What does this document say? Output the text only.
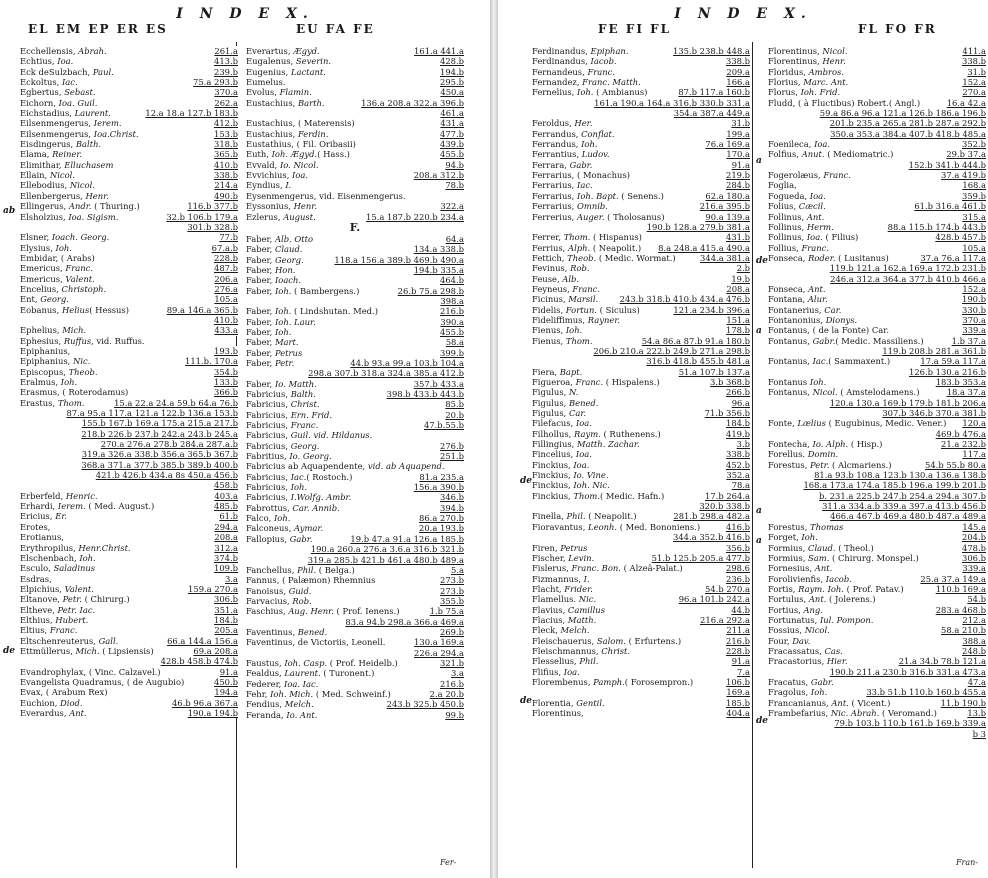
I N D E X.
EL EM EP ER ES	EU FA FE
Ecchellensis, Abrah.	261.a
Echtius, Ioa.	413.b
Eck deSulzbach, Paul.	239.b
Eckoltus, Iac.	75.a 293.b
Egbertus, Sebast.	370.a
Eichorn, Ioa. Guil.	262.a
Eichstadius, Laurent.	12.a 18.a 127.b 183.b
Eilsenmengerus, Ierem.	412.b
Eilsenmengerus, Ioa.Christ.	153.b
Eisdingerus, Balth.	318.b
Elama, Reiner.	365.b
Elimithar, Elluchasem	410.b
Ellain, Nicol.	338.b
Ellebodius, Nicol.	214.a
Ellenbergerus, Henr.	490.b
Ellingerus, Andr. ( Thuring.)	116.b 377.b
Elsholzius, Ioa. Sigism.	32.b 106.b 179.a
301.b 328.b
Elsner, Ioach. Georg.	77.b
Elysius, Ioh.	67.a.b
Embidar, ( Arabs)	228.b
Emericus, Franc.	487.b
Emericus, Valent.	206.a
Encelius, Christoph.	276.a
Ent, Georg.	105.a
Eobanus, Helius( Hessus)	89.a 146.a 365.b
410.b
Ephelius, Mich.	433.a
Ephesius, Ruffus, vid. Ruffus.
Epiphanius,	193.b
Epiphanius, Nic.	111.b. 170.a
Episcopus, Theob.	354.b
Eralmus, Ioh.	133.b
Erasmus, ( Roterodamus)	366.b
Erastus, Thom.	15.a 22.a 24.a 59.b 64.a 76.b
87.a 95.a 117.a 121.a 122.b 136.a 153.b
155.b 167.b 169.a 175.a 215.a 217.b
218.b 226.b 237.b 242.a 243.b 245.a
270.a 276.a 278.b 284.a 287.a.b
319.a 326.a 338.b 356.a 365.b 367.b
368.a 371.a 377.b 385.b 389.b 400.b
421.b 426.b 434.a 8s 450.a 456.b
458.b
Erberfeld, Henric.	403.a
Erhardi, Ierem. ( Med. August.)	485.b
Ericius, Er.	61.b
Erotes,	294.a
Erotianus,	208.a
Erythropilus, Henr.Christ.	312.a
Elschenbach, Ioh.	374.b
Esculo, Saladinus	109.b
Esdras,	3.a
Elpichius, Valent.	159.a 270.a
Eltanove, Petr. ( Chirurg.)	306.b
Eltheve, Petr. Iac.	351.a
Elthius, Hubert.	184.b
Eltius, Franc.	205.a
Eltschenreuterus, Gall.	66.a 144.a 156.a
Ettmüllerus, Mich. ( Lipsiensis)	69.a 208.a
428.b 458.b 474.b
Evandrophylax, ( Vinc. Calzavel.)	91.a
Evangelista Quadramus, ( de Augubio)	450.b
Evax, ( Arabum Rex)	194.a
Euchion, Diod.	46.b 96.a 367.a
Everardus, Ant.	190.a 194.b
Everartus, Ægyd.	161.a 441.a
Eugalenus, Severin.	428.b
Eugenius, Lactant.	194.b
Eumelus.	295.b
Evolus, Flamin.	450.a
Eustachius, Barth.	136.a 208.a 322.a 396.b
461.a
Eustachius, ( Materensis)	431.a
Eustachius, Ferdin.	477.b
Eustathius, ( Fil. Oribasii)	439.b
Euth, Ioh. Ægyd.( Hass.)	455.b
Evvald, Io. Nicol.	94.b
Evvichius, Ioa.	208.a 312.b
Eyndius, I.	78.b
Eysenmengerus, vid. Eisenmengerus.
Eyssonius, Henr.	322.a
Ezlerus, August.	15.a 187.b 220.b 234.a
F.
Faber, Alb. Otto	64.a
Faber, Claud.	134.a 338.b
Faber, Georg.	118.a 156.a 389.b 469.b 490.a
Faber, Hon.	194.b 335.a
Faber, Ioach.	464.b
Faber, Ioh. ( Bambergens.)	26.b 75.a 298.b
398.a
Faber, Ioh. ( Lindshutan. Med.)	216.b
Faber, Ioh. Laur.	390.a
Faber, Ioh.	455.b
Faber, Mart.	58.a
Faber, Petrus	399.b
Faber, Petr.	44.b 93.a 99.a 103.b 104.a
298.a 307.b 318.a 324.a 385.a 412.b
Faber, Io. Matth.	357.b 433.a
Fabricius, Balth.	398.b 433.b 443.b
Fabricius, Christ.	85.b
Fabricius, Ern. Frid.	20.b
Fabricius, Franc.	47.b.55.b
Fabricius, Guil. vid. Hildanus.
Fabricius, Georg.	276.b
Fabritius, Io. Georg.	251.b
Fabricius ab Aquapendente, vid. ab Aquapend.
Fabricius, Iac.( Rostoch.)	81.a 235.a
Fabricius, Ioh.	156.a 390.b
Fabricius, I.Wolfg. Ambr.	346.b
Fabrottus, Car. Annib.	394.b
Falco, Ioh.	86.a 270.b
Falconeus, Aymar.	20.a 193.b
Fallopius, Gabr.	19.b 47.a 91.a 126.a 185.b
190.a 260.a 276.a 3.6.a 316.b 321.b
319.a 285.b 421.b 461.a 480.b 489.a
Fanchellus, Phil. ( Belga.)	5.a
Fannus, ( Palæmon) Rhemnius	273.b
Fanoisus, Guid.	273.b
Farvacius, Rob.	355.b
Faschius, Aug. Henr. ( Prof. Ienens.)	1.b 75.a
83.a 94.b 298.a 366.a 469.a
Faventinus, Bened.	269.b
Faventinus, de Victoriis, Leonell.	130.a 169.a
226.a 294.a
Faustus, Ioh. Casp. ( Prof. Heidelb.)	321.b
Fealdus, Laurent. ( Turonent.)	3.a
Federer, Ioa. Iac.	216.b
Fehr, Ioh. Mich. ( Med. Schweinf.)	2.a 20.b
Fendius, Melch.	243.b 325.b 450.b
Feranda, Io. Ant.	99.b
Fer-
ab
de
I N D E X.
FE FI FL	FL FO FR
Ferdinandus, Epiphan.	135.b 238.b 448.a
Ferdinandus, Iacob.	338.b
Fernandeus, Franc.	209.a
Fernandez, Franc. Matth.	166.a
Fernelius, Ioh. ( Ambianus)	87.b 117.a 160.b
161.a 190.a 164.a 316.b 330.b 331.a
354.a 387.a 449.a
Feroldus, Her.	31.b
Ferrandus, Conflat.	199.a
Ferrandus, Ioh.	76.a 169.a
Ferrantius, Ludov.	170.a
Ferrara, Gabr.	91.a
Ferrarius, ( Monachus)	219.b
Ferrarius, Iac.	284.b
Ferrarius, Ioh. Bapt. ( Senens.)	62.a 180.a
Ferrarius, Omnib.	216.a 395.b
Ferrerius, Auger. ( Tholosanus)	90.a 139.a
190.b 128.a 279.b 381.a
Ferrer, Thom. ( Hispanus)	431.b
Ferrius, Alph. ( Neapolit.) 8.a 248.a 415.a 490.a
Fettich, Theob. ( Medic. Wormat.)	344.a 381.a
Fevinus, Rob.	2.b
Feuse, Alb.	19.b
Feyneus, Franc.	208.a
Ficinus, Marsil.	243.b 318.b 410.b 434.a 476.b
Fidelis, Fortun. ( Siculus)	121.a 234.b 396.a
Fideliffimus, Rayner.	151.a
Fienus, Ioh.	178.b
Fienus, Thom.	54.a 86.a 87.b 91.a 180.b
206.b 210.a 222.b 249.b 271.a 298.b
316.b 418.b 455.b 481.a
Fiera, Bapt.	51.a 107.b 137.a
Figueroa, Franc. ( Hispalens.)	3.b 368.b
Figulus, N.	266.b
Figulus, Bened.	96.a
Figulus, Car.	71.b 356.b
Filefacus, Ioa.	184.b
Filhollus, Raym. ( Ruthenens.)	419.b
Fillingius, Matth. Zachar.	3.b
Fincelius, Ioa.	338.b
Finckius, Ioa.	452.b
Finckius, Io. Vine.	352.a
Finckius, Ioh. Nic.	78.a
Finckius, Thom.( Medic. Hafn.)	17.b 264.a
320.b 338.b
Finella, Phil. ( Neapolit.)	281.b 298.a 482.a
Fioravantus, Leonh. ( Med. Bononiens.)	416.b
344.a 352.b 416.b
Firen, Petrus	356.b
Fischer, Levin.	51.b 125.b 205.a 477.b
Fislerus, Franc. Bon. ( Alzeâ-Palat.)	298.6
Fizmannus, I.	236.b
Flacht, Frider.	54.b 270.a
Flamellus. Nic.	96.a 101.b 242.a
Flavius, Camillus	44.b
Flacius, Matth.	216.a 292.a
Fleck, Melch.	211.a
Fleischauerus, Salom. ( Erfurtens.)	216.b
Fleischmannus, Christ.	228.b
Flesselius, Phil.	91.a
Flifius, Ioa.	7.a
Florembenus, Pamph.( Forosempron.)	106.b
169.a
Florentia, Gentil.	185.b
Florentinus,	404.a
Florentinus, Nicol.	411.a
Florentinus, Henr.	338.b
Floridus, Ambros.	31.b
Florius, Marc. Ant.	152.a
Florus, Ioh. Frid.	270.a
Fludd, ( à Fluctibus) Robert.( Angl.)	16.a 42.a
59.a 86.a 96.a 121.a 126.b 186.a 196.b
201.b 235.a 265.a 281.b 287.a 292.b
350.a 353.a 384.a 407.b 418.b 485.a
Foenileca, Ioa.	352.b
Folfius, Anut. ( Mediomatric.)	29.b 37.a
152.b 341.b 444.b
Fogerolæus, Franc.	37.a 419.b
Foglia,	168.a
Fogueda, Ioa.	359.b
Folius, Cæcil.	61.b 316.a 461.b
Follinus, Ant.	315.a
Follinus, Herm.	88.a 115.b 174.b 443.b
Follinus, Ioa. ( Filius)	428.b 457.b
Follius, Franc.	105.a
Fonseca, Roder. ( Lusitanus)	37.a 76.a 117.a
119.b 121.a 162.a 169.a 172.b 231.b
246.a 312.a 364.a 377.b 410.b 466.a
Fonseca, Ant.	152.a
Fontana, Alur.	190.b
Fontanerius, Car.	330.b
Fontanonius, Dionys.	370.a
Fontanus, ( de la Fonte) Car.	339.a
Fontanus, Gabr.( Medic. Massiliens.)	1.b 37.a
119.b 208.b 281.a 361.b
Fontanus, Iac.( Sammaxent.)	17.a 59.a 117.a
126.b 130.a 216.b
Fontanus Ioh.	183.b 353.a
Fontanus, Nicol. ( Amstelodamens.)	18.a 37.a
120.a 130.a 169.b 179.b 181.b 206.a
307.b 346.b 370.a 381.b
Fonte, Lælius ( Eugubinus, Medic. Vener.) 120.a
469.b 476.a
Fontecha, Io. Alph. ( Hisp.)	21.a 232.b
Forellus. Domin.	117.a
Forestus, Petr. ( Alcmariens.)	54.b 55.b 80.a
81.a 93.b 108.a 123.b 130.a 136.a 138.b
168.a 173.a 174.a 185.b 196.a 199.b 201.b
b. 231.a 225.b 247.b 254.a 294.a 307.b
311.a 334.a.b 339.a 397.a 413.b 456.b
466.a 467.b 469.a 480.b 487.a 489.a
Forestus, Thomas	145.a
Forget, Ioh.	204.b
Formius, Claud. ( Theol.)	478.b
Formius, Sam. ( Chirurg. Monspel.)	306.b
Fornesius, Ant.	339.a
Forolivienfis, Iacob.	25.a 37.a 149.a
Fortis, Raym. Ioh. ( Prof. Patav.)	110.b 169.a
Fortulus, Ant. ( Jolerens.)	54.b
Fortius, Ang.	283.a 468.b
Fortunatus, Iul. Pompon.	212.a
Fossius, Nicol.	58.a 210.b
Four, Dav.	388.a
Fracassatus, Cas.	248.b
Fracastorius, Hier.	21.a 34.b 78.b 121.a
190.b 211.a 230.b 316.b 331.a 473.a
Fracatus, Gabr.	47.a
Fragolus, Ioh.	33.b 51.b 110.b 160.b 455.a
Francanianus, Ant. ( Vicent.)	11.b 190.b
Frambefarius, Nic. Abrah. ( Veromand.)	13.b
79.b 103.b 110.b 161.b 169.b 339.a
b 3
Fran-
de
de
a
de
a
a
a
de
